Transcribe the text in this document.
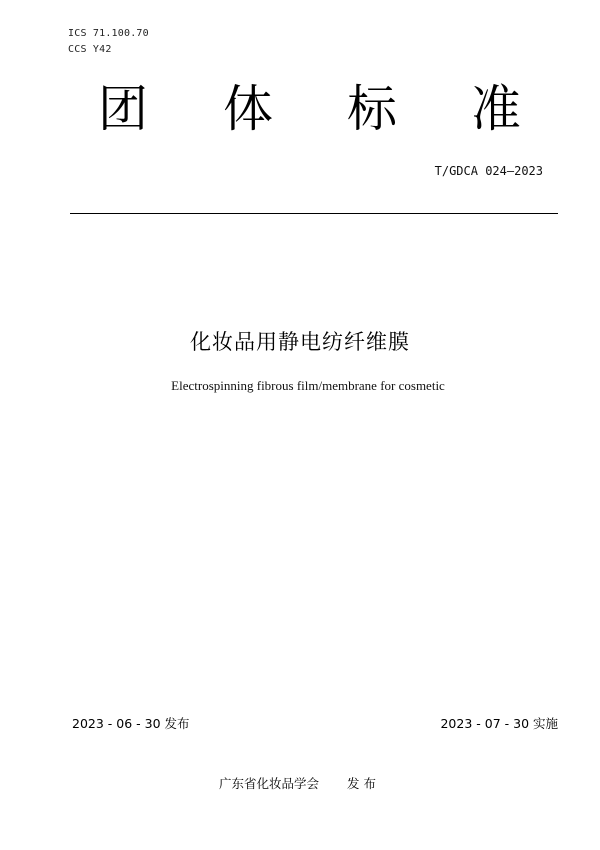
ICS 71.100.70
CCS Y42
团 体 标 准
T/GDCA 024—2023
化妆品用静电纺纤维膜
Electrospinning fibrous film/membrane for cosmetic
2023 - 06 - 30 发布	2023 - 07 - 30 实施
广东省化妆品学会 发 布
